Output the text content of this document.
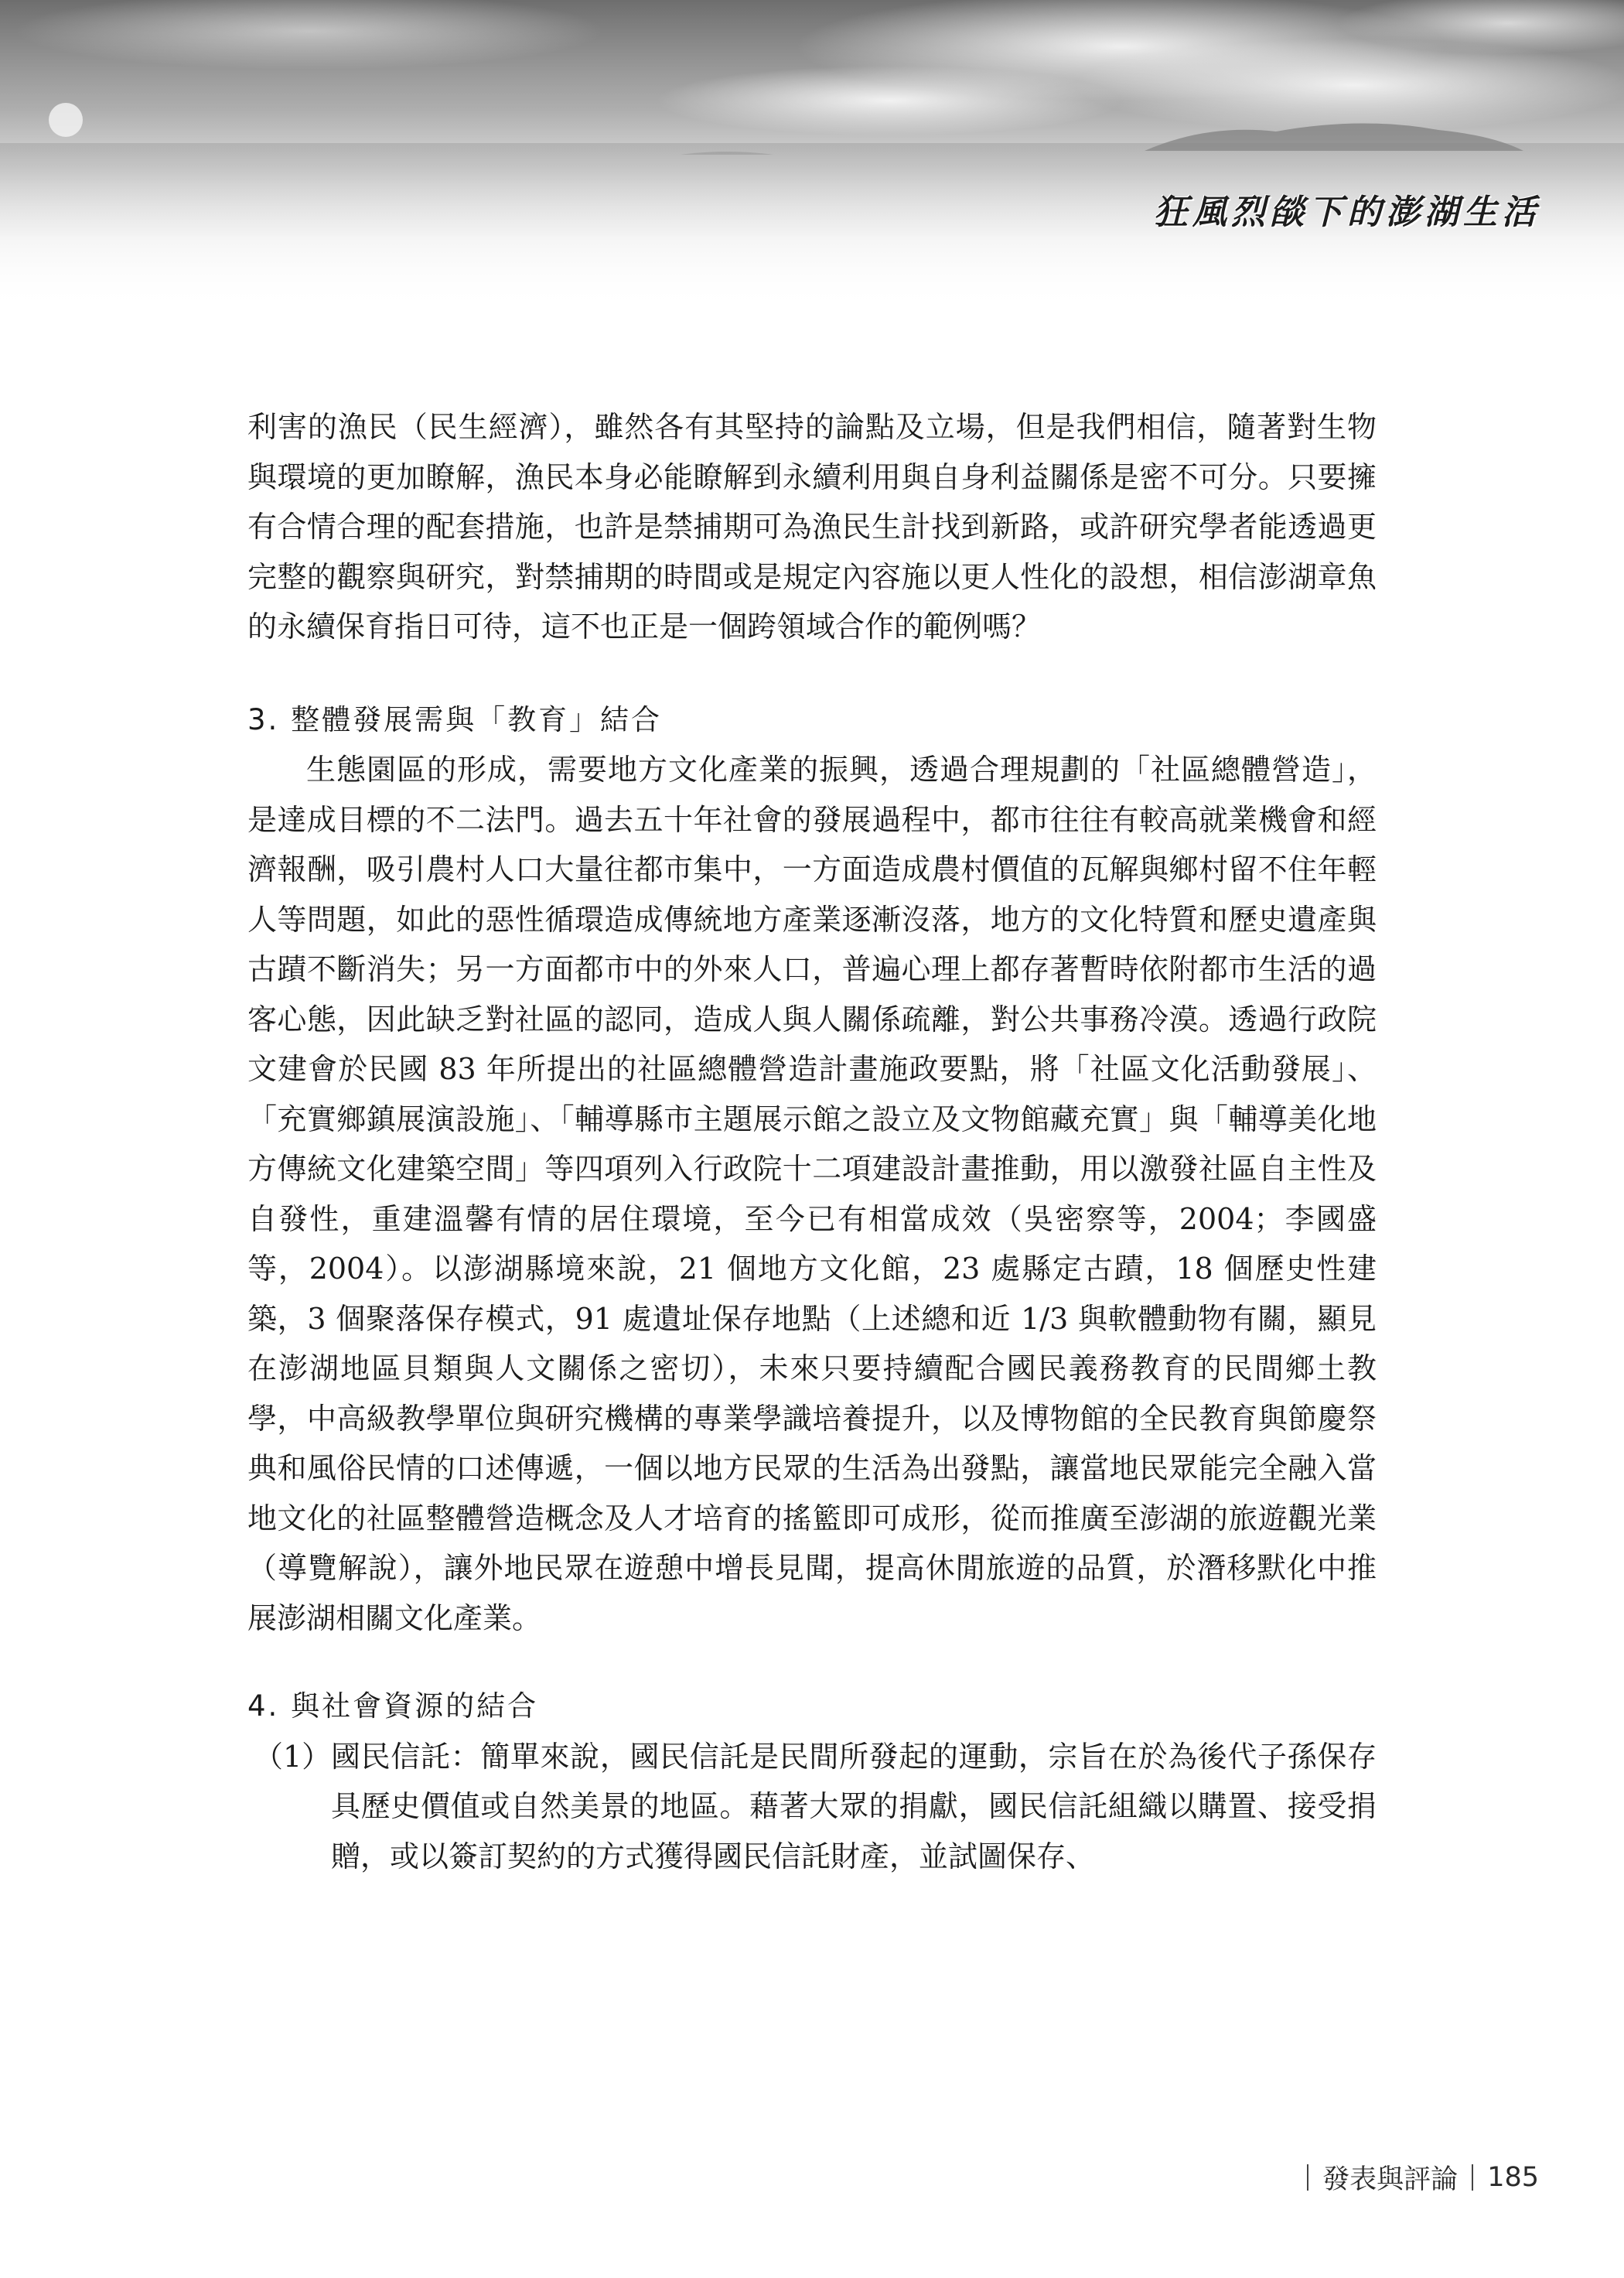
狂風烈燄下的澎湖生活

利害的漁民（民生經濟），雖然各有其堅持的論點及立場，但是我們相信，隨著對生物與環境的更加瞭解，漁民本身必能瞭解到永續利用與自身利益關係是密不可分。只要擁有合情合理的配套措施，也許是禁捕期可為漁民生計找到新路，或許研究學者能透過更完整的觀察與研究，對禁捕期的時間或是規定內容施以更人性化的設想，相信澎湖章魚的永續保育指日可待，這不也正是一個跨領域合作的範例嗎？

3. 整體發展需與「教育」結合

生態園區的形成，需要地方文化產業的振興，透過合理規劃的「社區總體營造」，是達成目標的不二法門。過去五十年社會的發展過程中，都市往往有較高就業機會和經濟報酬，吸引農村人口大量往都市集中，一方面造成農村價值的瓦解與鄉村留不住年輕人等問題，如此的惡性循環造成傳統地方產業逐漸沒落，地方的文化特質和歷史遺產與古蹟不斷消失；另一方面都市中的外來人口，普遍心理上都存著暫時依附都市生活的過客心態，因此缺乏對社區的認同，造成人與人關係疏離，對公共事務冷漠。透過行政院文建會於民國 83 年所提出的社區總體營造計畫施政要點，將「社區文化活動發展」、「充實鄉鎮展演設施」、「輔導縣市主題展示館之設立及文物館藏充實」與「輔導美化地方傳統文化建築空間」等四項列入行政院十二項建設計畫推動，用以激發社區自主性及自發性，重建溫馨有情的居住環境，至今已有相當成效（吳密察等，2004；李國盛等，2004）。以澎湖縣境來說，21 個地方文化館，23 處縣定古蹟，18 個歷史性建築，3 個聚落保存模式，91 處遺址保存地點（上述總和近 1/3 與軟體動物有關，顯見在澎湖地區貝類與人文關係之密切），未來只要持續配合國民義務教育的民間鄉土教學，中高級教學單位與研究機構的專業學識培養提升，以及博物館的全民教育與節慶祭典和風俗民情的口述傳遞，一個以地方民眾的生活為出發點，讓當地民眾能完全融入當地文化的社區整體營造概念及人才培育的搖籃即可成形，從而推廣至澎湖的旅遊觀光業（導覽解說），讓外地民眾在遊憩中增長見聞，提高休閒旅遊的品質，於潛移默化中推展澎湖相關文化產業。

4. 與社會資源的結合
（1） 國民信託：簡單來說，國民信託是民間所發起的運動，宗旨在於為後代子孫保存具歷史價值或自然美景的地區。藉著大眾的捐獻，國民信託組織以購置、接受捐贈，或以簽訂契約的方式獲得國民信託財產，並試圖保存、

發表與評論 185
